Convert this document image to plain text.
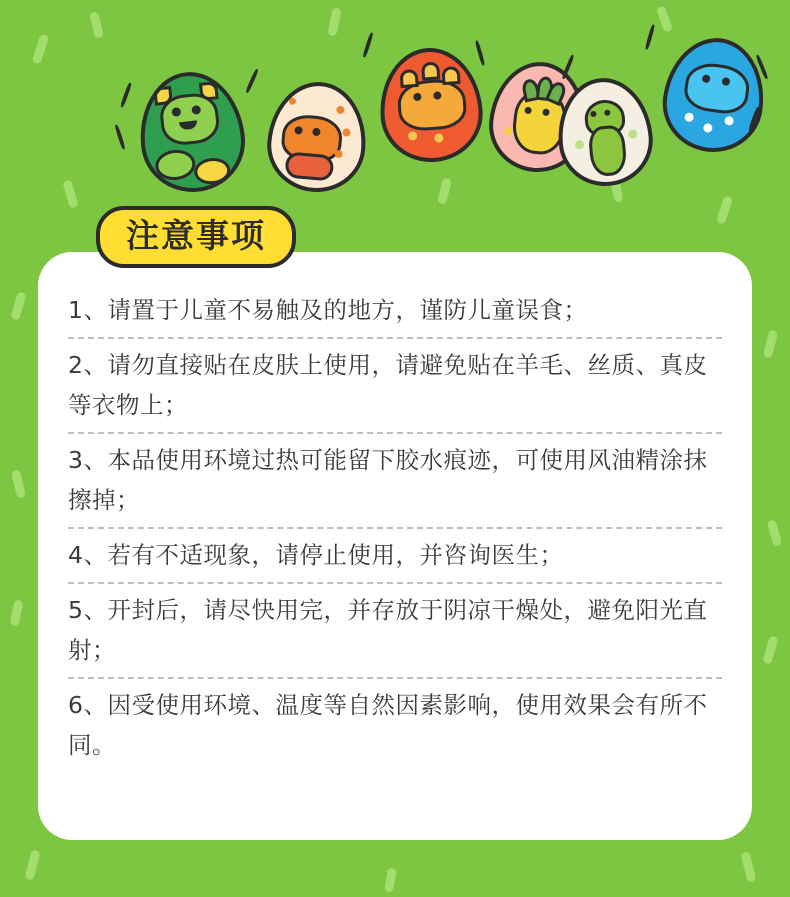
1、请置于儿童不易触及的地方，谨防儿童误食；
2、请勿直接贴在皮肤上使用，请避免贴在羊毛、丝质、真皮等衣物上；
3、本品使用环境过热可能留下胶水痕迹，可使用风油精涂抹擦掉；
4、若有不适现象，请停止使用，并咨询医生；
5、开封后，请尽快用完，并存放于阴凉干燥处，避免阳光直射；
6、因受使用环境、温度等自然因素影响，使用效果会有所不同。
注意事项
